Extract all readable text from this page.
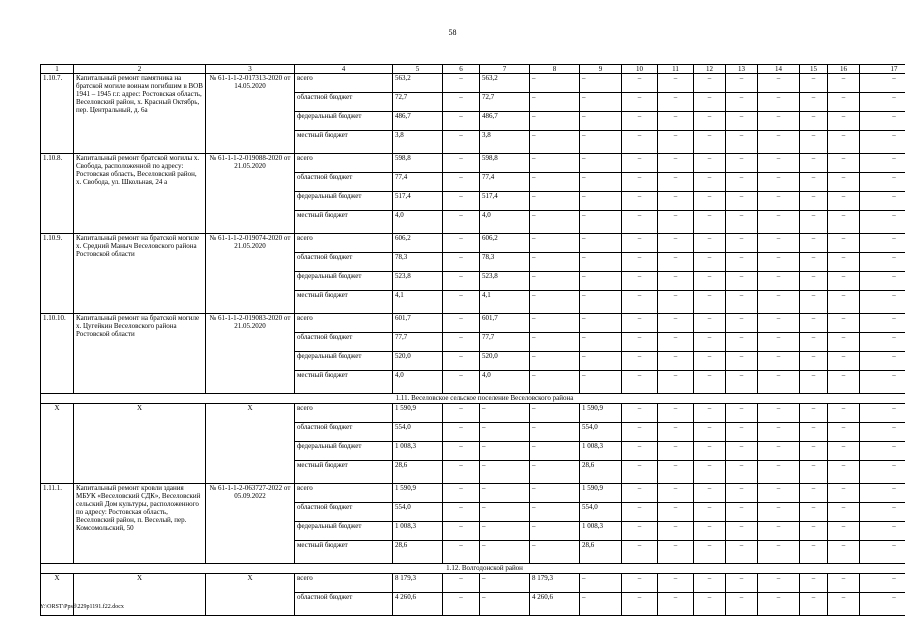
58
1	2	3	4	5	6	7	8	9	10	11	12	13	14	15	16	17
1.10.7.	Капитальный ремонт памятника на братской могиле воинам погибшим в ВОВ 1941 – 1945 г.г. адрес: Ростовская область, Веселовский район, х. Красный Октябрь, пер. Центральный, д. 6а	№ 61-1-1-2-017313-2020 от 14.05.2020	всего	563,2	–	563,2	–	–	–	–	–	–	–	–	–	–
			областной бюджет	72,7	–	72,7	–	–	–	–	–	–	–	–	–	–
			федеральный бюджет	486,7	–	486,7	–	–	–	–	–	–	–	–	–	–
			местный бюджет	3,8	–	3,8	–	–	–	–	–	–	–	–	–	–
1.10.8.	Капитальный ремонт братской могилы х. Свобода, расположенной по адресу: Ростовская область, Веселовский район, х. Свобода, ул. Школьная, 24 а	№ 61-1-1-2-019088-2020 от 21.05.2020	всего	598,8	–	598,8	–	–	–	–	–	–	–	–	–	–
			областной бюджет	77,4	–	77,4	–	–	–	–	–	–	–	–	–	–
			федеральный бюджет	517,4	–	517,4	–	–	–	–	–	–	–	–	–	–
			местный бюджет	4,0	–	4,0	–	–	–	–	–	–	–	–	–	–
1.10.9.	Капитальный ремонт на братской могиле х. Средний Маныч Веселовского района Ростовской области	№ 61-1-1-2-019074-2020 от 21.05.2020	всего	606,2	–	606,2	–	–	–	–	–	–	–	–	–	–
			областной бюджет	78,3	–	78,3	–	–	–	–	–	–	–	–	–	–
			федеральный бюджет	523,8	–	523,8	–	–	–	–	–	–	–	–	–	–
			местный бюджет	4,1	–	4,1	–	–	–	–	–	–	–	–	–	–
1.10.10.	Капитальный ремонт на братской могиле х. Цугейкин Веселовского района Ростовской области	№ 61-1-1-2-019083-2020 от 21.05.2020	всего	601,7	–	601,7	–	–	–	–	–	–	–	–	–	–
			областной бюджет	77,7	–	77,7	–	–	–	–	–	–	–	–	–	–
			федеральный бюджет	520,0	–	520,0	–	–	–	–	–	–	–	–	–	–
			местный бюджет	4,0	–	4,0	–	–	–	–	–	–	–	–	–	–
1.11. Веселовское сельское поселение Веселовского района																
X	X	X	всего	1 590,9	–	–	–	1 590,9	–	–	–	–	–	–	–	–
			областной бюджет	554,0	–	–	–	554,0	–	–	–	–	–	–	–	–
			федеральный бюджет	1 008,3	–	–	–	1 008,3	–	–	–	–	–	–	–	–
			местный бюджет	28,6	–	–	–	28,6	–	–	–	–	–	–	–	–
1.11.1.	Капитальный ремонт кровли здания МБУК «Веселовский СДК», Веселовский сельский Дом культуры, расположенного по адресу: Ростовская область, Веселовский район, п. Веселый, пер. Комсомольский, 50	№ 61-1-1-2-063727-2022 от 05.09.2022	всего	1 590,9	–	–	–	1 590,9	–	–	–	–	–	–	–	–
			областной бюджет	554,0	–	–	–	554,0	–	–	–	–	–	–	–	–
			федеральный бюджет	1 008,3	–	–	–	1 008,3	–	–	–	–	–	–	–	–
			местный бюджет	28,6	–	–	–	28,6	–	–	–	–	–	–	–	–
1.12. Волгодонской район																
X	X	X	всего	8 179,3	–	–	8 179,3	–	–	–	–	–	–	–	–	–
			областной бюджет	4 260,6	–	–	4 260,6	–	–	–	–	–	–	–	–	–
Y:\ORST\Ppsd\229p1191.f22.docx
